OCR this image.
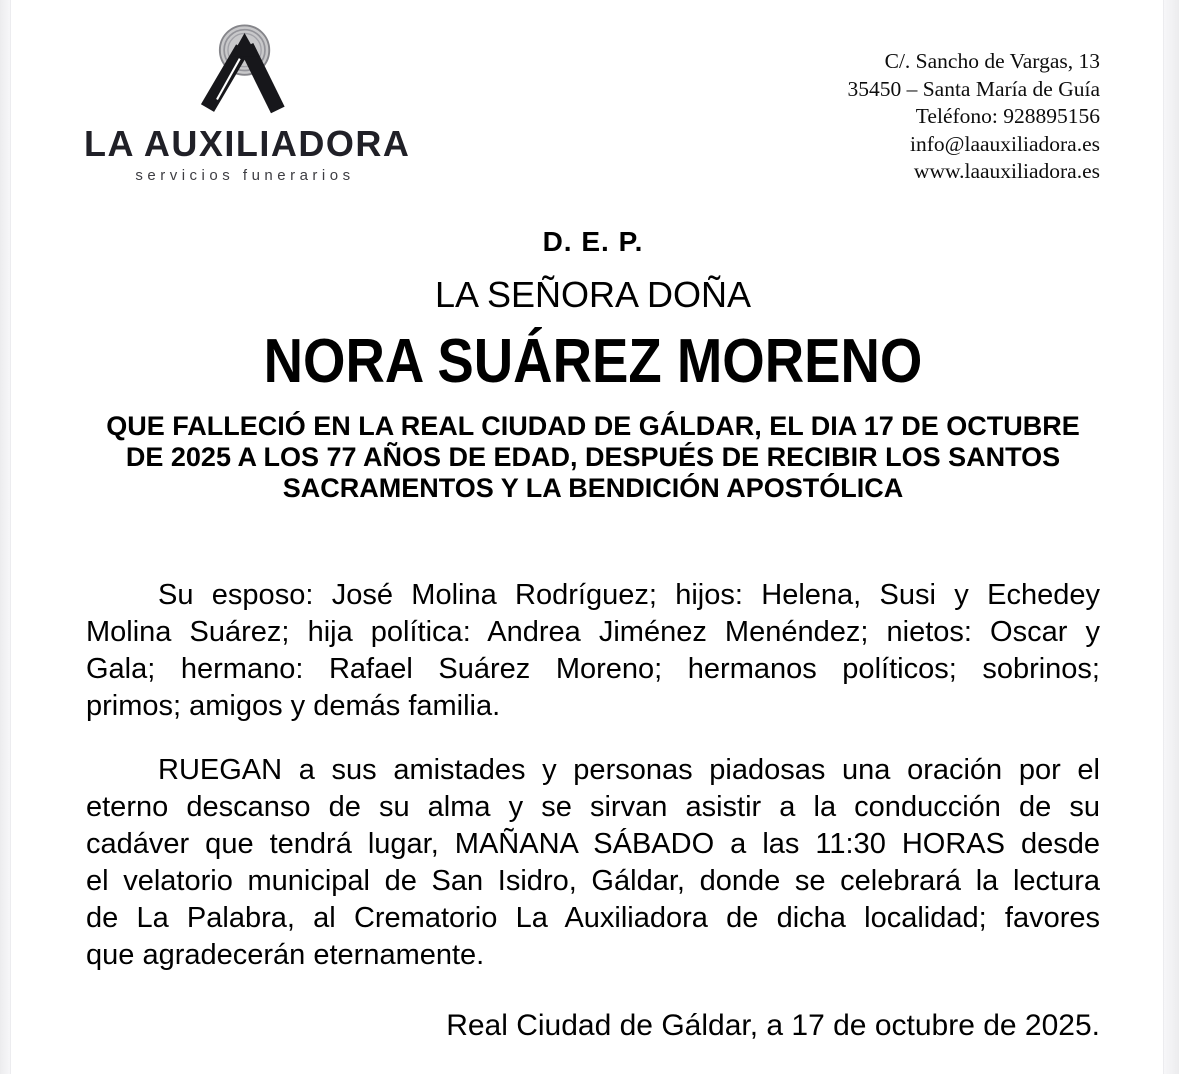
LA AUXILIADORA
servicios funerarios
C/. Sancho de Vargas, 13
35450 – Santa María de Guía
Teléfono: 928895156
info@laauxiliadora.es
www.laauxiliadora.es
D. E. P.
LA SEÑORA DOÑA
NORA SUÁREZ MORENO
QUE FALLECIÓ EN LA REAL CIUDAD DE GÁLDAR, EL DIA 17 DE OCTUBRE
DE 2025 A LOS 77 AÑOS DE EDAD, DESPUÉS DE RECIBIR LOS SANTOS
SACRAMENTOS Y LA BENDICIÓN APOSTÓLICA
Su esposo: José Molina Rodríguez; hijos: Helena, Susi y Echedey
Molina Suárez; hija política: Andrea Jiménez Menéndez; nietos: Oscar y
Gala; hermano: Rafael Suárez Moreno; hermanos políticos; sobrinos;
primos; amigos y demás familia.
RUEGAN a sus amistades y personas piadosas una oración por el
eterno descanso de su alma y se sirvan asistir a la conducción de su
cadáver que tendrá lugar, MAÑANA SÁBADO a las 11:30 HORAS desde
el velatorio municipal de San Isidro, Gáldar, donde se celebrará la lectura
de La Palabra, al Crematorio La Auxiliadora de dicha localidad; favores
que agradecerán eternamente.
Real Ciudad de Gáldar, a 17 de octubre de 2025.
